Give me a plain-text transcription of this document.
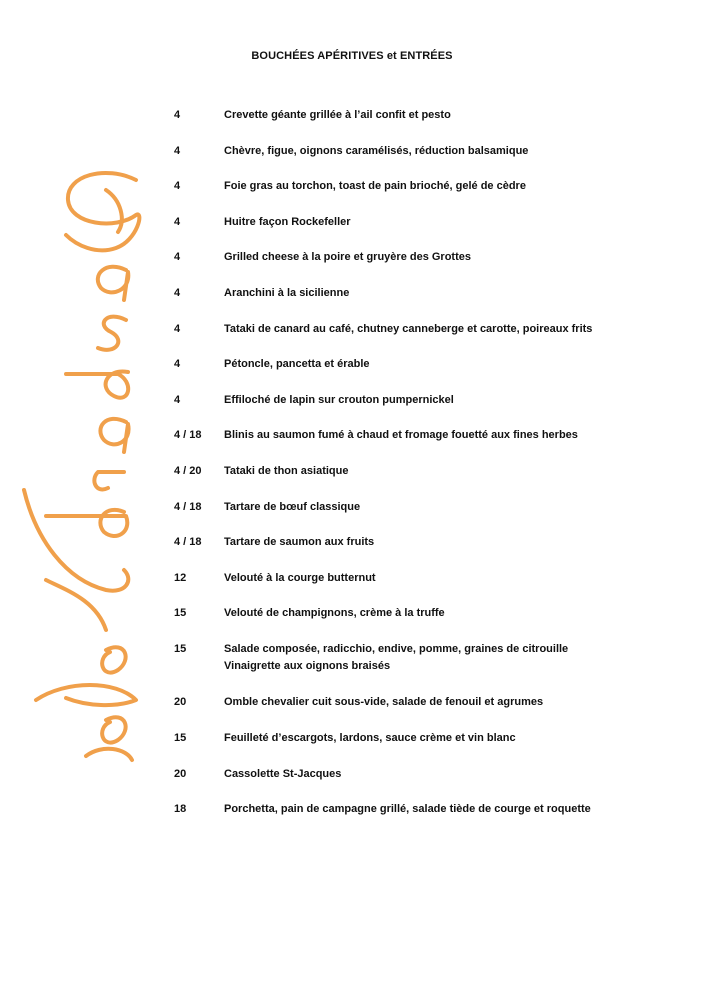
BOUCHÉES APÉRITIVES et ENTRÉES
4	Crevette géante grillée à l’ail confit et pesto
4	Chèvre, figue, oignons caramélisés, réduction balsamique
4	Foie gras au torchon, toast de pain brioché, gelé de cèdre
4	Huitre façon Rockefeller
4	Grilled cheese à la poire et gruyère des Grottes
4	Aranchini à la sicilienne
4	Tataki de canard au café, chutney canneberge et carotte, poireaux frits
4	Pétoncle, pancetta et érable
4	Effiloché de lapin sur crouton pumpernickel
4 / 18	Blinis au saumon fumé à chaud et fromage fouetté aux fines herbes
4 / 20	Tataki de thon asiatique
4 / 18	Tartare de bœuf classique
4 / 18	Tartare de saumon aux fruits
12	Velouté à la courge butternut
15	Velouté de champignons, crème à la truffe
15	Salade composée, radicchio, endive, pomme, graines de citrouille
Vinaigrette aux oignons braisés
20	Omble chevalier cuit sous-vide, salade de fenouil et agrumes
15	Feuilleté d’escargots, lardons, sauce crème et vin blanc
20	Cassolette St-Jacques
18	Porchetta, pain de campagne grillé, salade tiède de courge et roquette
